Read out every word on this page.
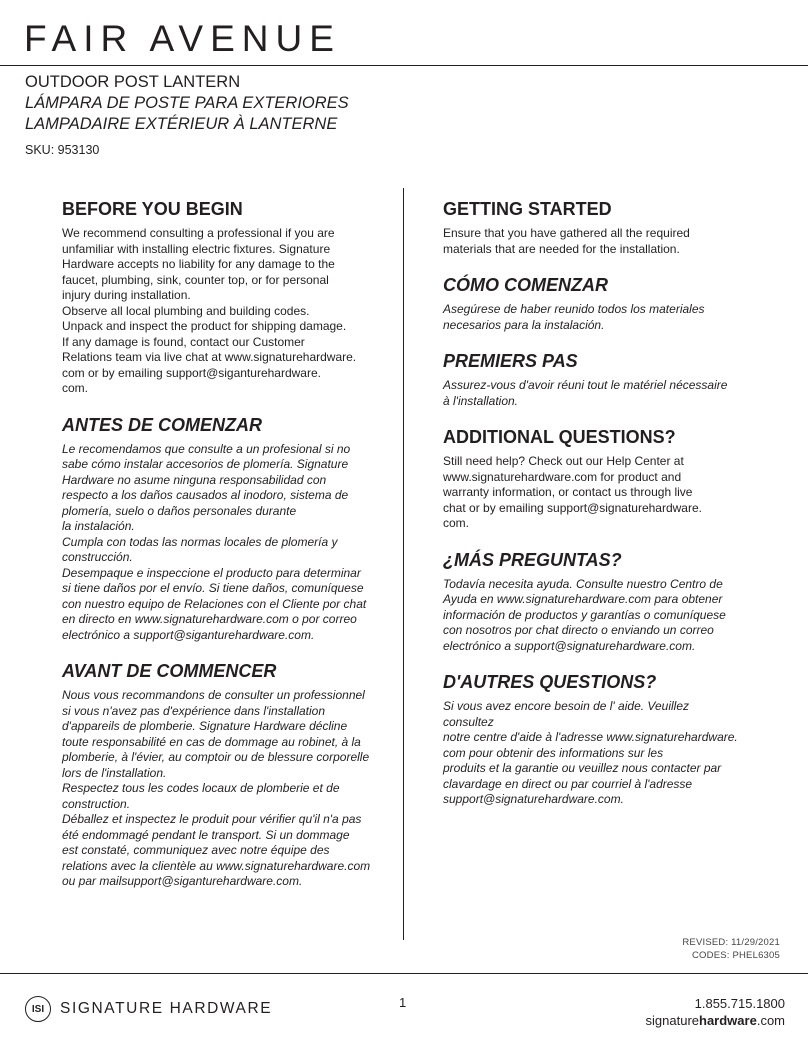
FAIR AVENUE
OUTDOOR POST LANTERN
LÁMPARA DE POSTE PARA EXTERIORES
LAMPADAIRE EXTÉRIEUR À LANTERNE
SKU: 953130
BEFORE YOU BEGIN

We recommend consulting a professional if you are
unfamiliar with installing electric fixtures. Signature
Hardware accepts no liability for any damage to the
faucet, plumbing, sink, counter top, or for personal
injury during installation.
Observe all local plumbing and building codes.
Unpack and inspect the product for shipping damage.
If any damage is found, contact our Customer
Relations team via live chat at www.signaturehardware.
com or by emailing support@siganturehardware.
com.

ANTES DE COMENZAR

Le recomendamos que consulte a un profesional si no
sabe cómo instalar accesorios de plomería. Signature
Hardware no asume ninguna responsabilidad con
respecto a los daños causados al inodoro, sistema de
plomería, suelo o daños personales durante
la instalación.
Cumpla con todas las normas locales de plomería y
construcción.
Desempaque e inspeccione el producto para determinar
si tiene daños por el envío. Si tiene daños, comuníquese
con nuestro equipo de Relaciones con el Cliente por chat
en directo en www.signaturehardware.com o por correo
electrónico a support@siganturehardware.com.

AVANT DE COMMENCER

Nous vous recommandons de consulter un professionnel
si vous n'avez pas d'expérience dans l'installation
d'appareils de plomberie. Signature Hardware décline
toute responsabilité en cas de dommage au robinet, à la
plomberie, à l'évier, au comptoir ou de blessure corporelle
lors de l'installation.
Respectez tous les codes locaux de plomberie et de
construction.
Déballez et inspectez le produit pour vérifier qu'il n'a pas
été endommagé pendant le transport. Si un dommage
est constaté, communiquez avec notre équipe des
relations avec la clientèle au www.signaturehardware.com
ou par mailsupport@siganturehardware.com.

GETTING STARTED

Ensure that you have gathered all the required
materials that are needed for the installation.

CÓMO COMENZAR

Asegúrese de haber reunido todos los materiales
necesarios para la instalación.

PREMIERS PAS

Assurez-vous d'avoir réuni tout le matériel nécessaire
à l'installation.

ADDITIONAL QUESTIONS?

Still need help? Check out our Help Center at
www.signaturehardware.com for product and
warranty information, or contact us through live
chat or by emailing support@signaturehardware.
com.

¿MÁS PREGUNTAS?

Todavía necesita ayuda. Consulte nuestro Centro de
Ayuda en www.signaturehardware.com para obtener
información de productos y garantías o comuníquese
con nosotros por chat directo o enviando un correo
electrónico a support@signaturehardware.com.

D'AUTRES QUESTIONS?

Si vous avez encore besoin de l' aide. Veuillez consultez
notre centre d'aide à l'adresse www.signaturehardware.
com pour obtenir des informations sur les
produits et la garantie ou veuillez nous contacter par
clavardage en direct ou par courriel à l'adresse
support@signaturehardware.com.

REVISED: 11/29/2021
CODES: PHEL6305
ISI	SIGNATURE HARDWARE	1	1.855.715.1800
signaturehardware.com
